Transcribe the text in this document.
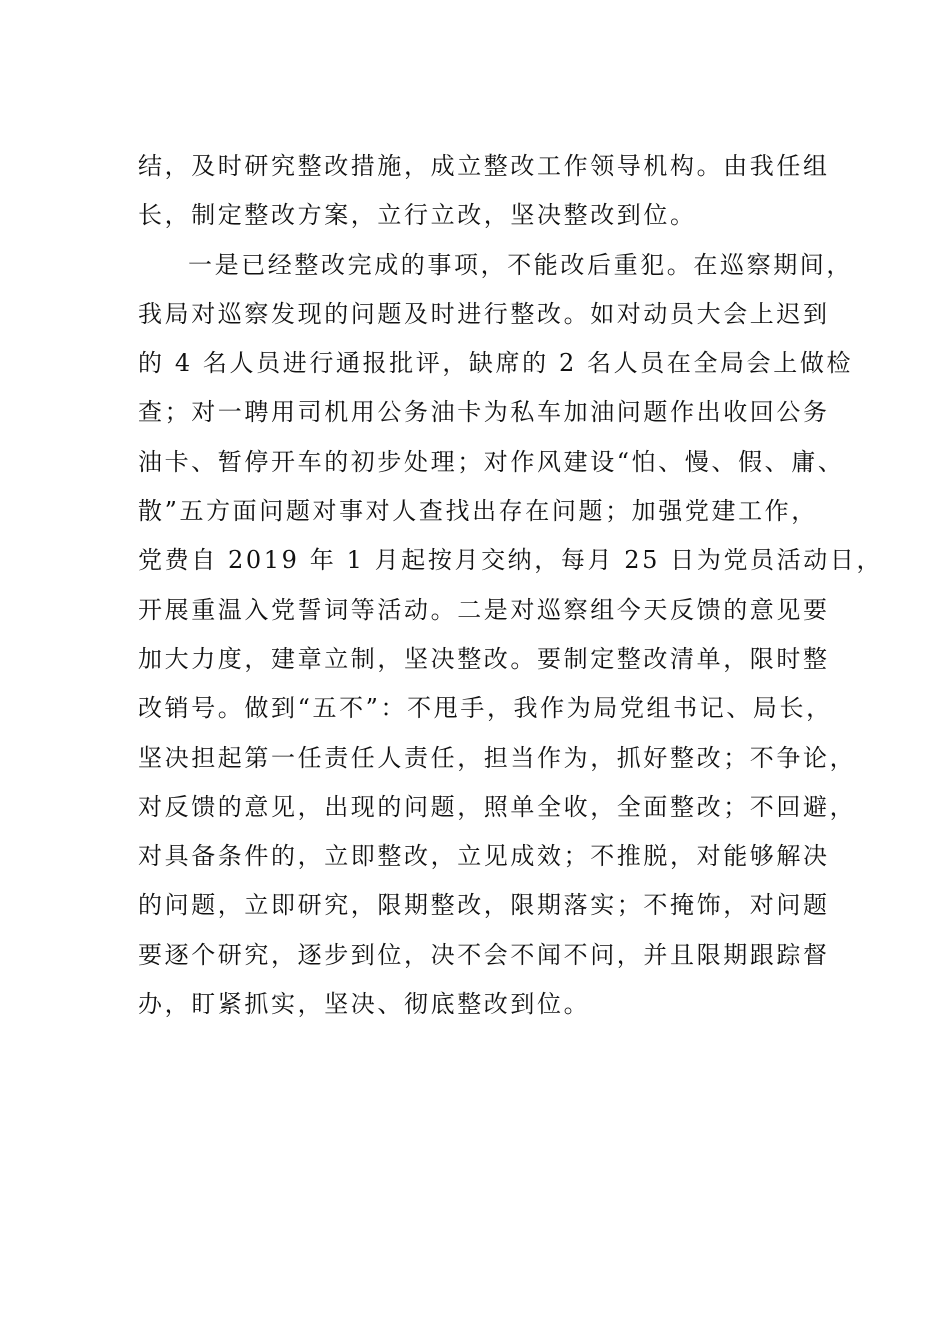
结，及时研究整改措施，成立整改工作领导机构。由我任组
长，制定整改方案，立行立改，坚决整改到位。
一是已经整改完成的事项，不能改后重犯。在巡察期间，
我局对巡察发现的问题及时进行整改。如对动员大会上迟到
的 4 名人员进行通报批评，缺席的 2 名人员在全局会上做检
查；对一聘用司机用公务油卡为私车加油问题作出收回公务
油卡、暂停开车的初步处理；对作风建设“怕、慢、假、庸、
散”五方面问题对事对人查找出存在问题；加强党建工作，
党费自 2019 年 1 月起按月交纳，每月 25 日为党员活动日，
开展重温入党誓词等活动。二是对巡察组今天反馈的意见要
加大力度，建章立制，坚决整改。要制定整改清单，限时整
改销号。做到“五不”：不甩手，我作为局党组书记、局长，
坚决担起第一任责任人责任，担当作为，抓好整改；不争论，
对反馈的意见，出现的问题，照单全收，全面整改；不回避，
对具备条件的，立即整改，立见成效；不推脱，对能够解决
的问题，立即研究，限期整改，限期落实；不掩饰，对问题
要逐个研究，逐步到位，决不会不闻不问，并且限期跟踪督
办，盯紧抓实，坚决、彻底整改到位。
